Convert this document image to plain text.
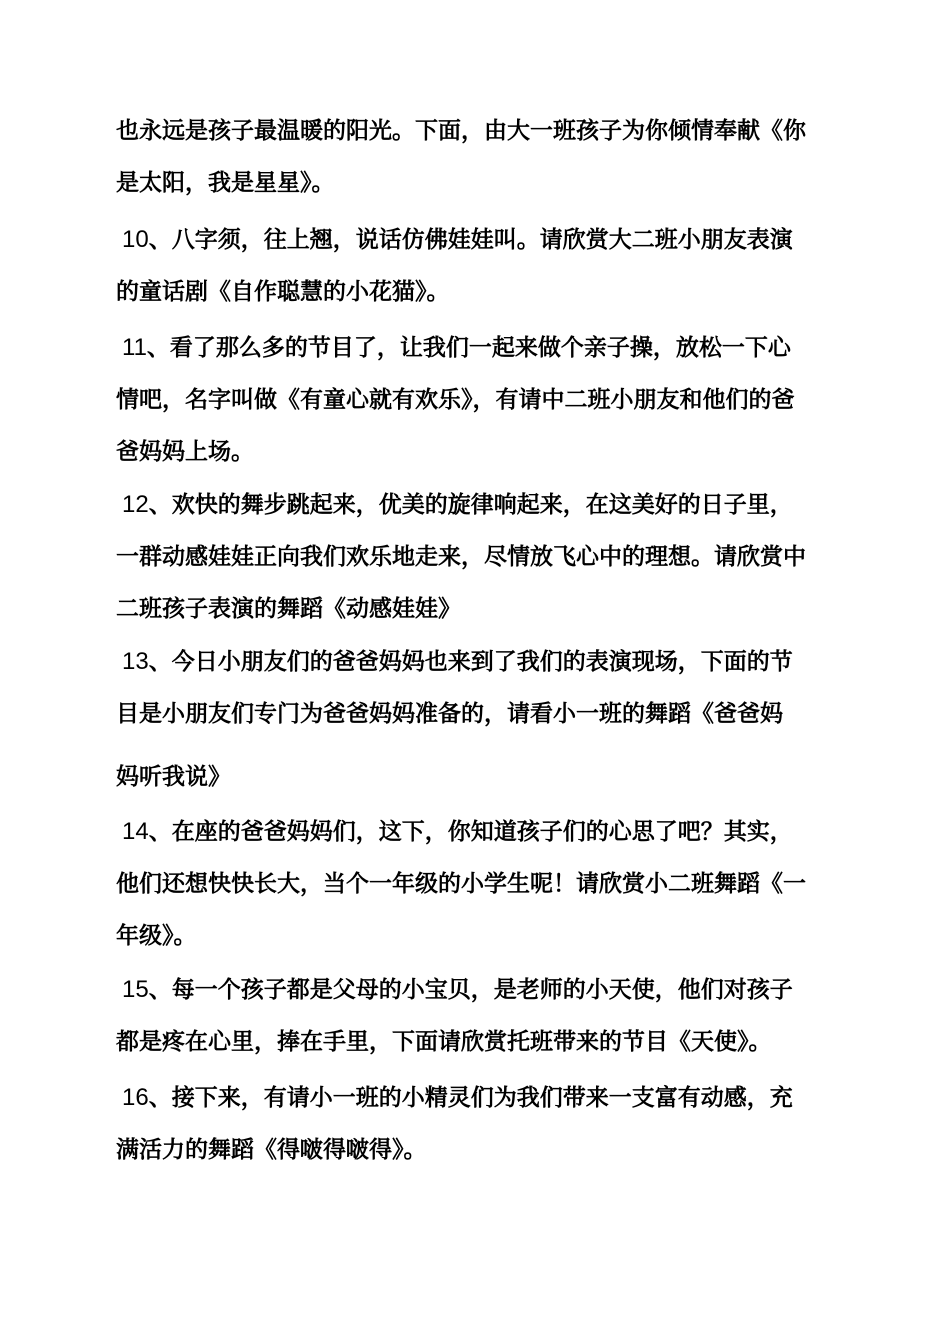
也永远是孩子最温暖的阳光。下面，由大一班孩子为你倾情奉献《你
是太阳，我是星星》。

10、八字须，往上翘，说话仿佛娃娃叫。请欣赏大二班小朋友表演
的童话剧《自作聪慧的小花猫》。

11、看了那么多的节目了，让我们一起来做个亲子操，放松一下心
情吧，名字叫做《有童心就有欢乐》，有请中二班小朋友和他们的爸
爸妈妈上场。

12、欢快的舞步跳起来，优美的旋律响起来，在这美好的日子里，
一群动感娃娃正向我们欢乐地走来，尽情放飞心中的理想。请欣赏中
二班孩子表演的舞蹈《动感娃娃》

13、今日小朋友们的爸爸妈妈也来到了我们的表演现场，下面的节
目是小朋友们专门为爸爸妈妈准备的，请看小一班的舞蹈《爸爸妈
妈听我说》

14、在座的爸爸妈妈们，这下，你知道孩子们的心思了吧？其实，
他们还想快快长大，当个一年级的小学生呢！请欣赏小二班舞蹈《一
年级》。

15、每一个孩子都是父母的小宝贝，是老师的小天使，他们对孩子
都是疼在心里，捧在手里，下面请欣赏托班带来的节目《天使》。

16、接下来，有请小一班的小精灵们为我们带来一支富有动感，充
满活力的舞蹈《得啵得啵得》。
